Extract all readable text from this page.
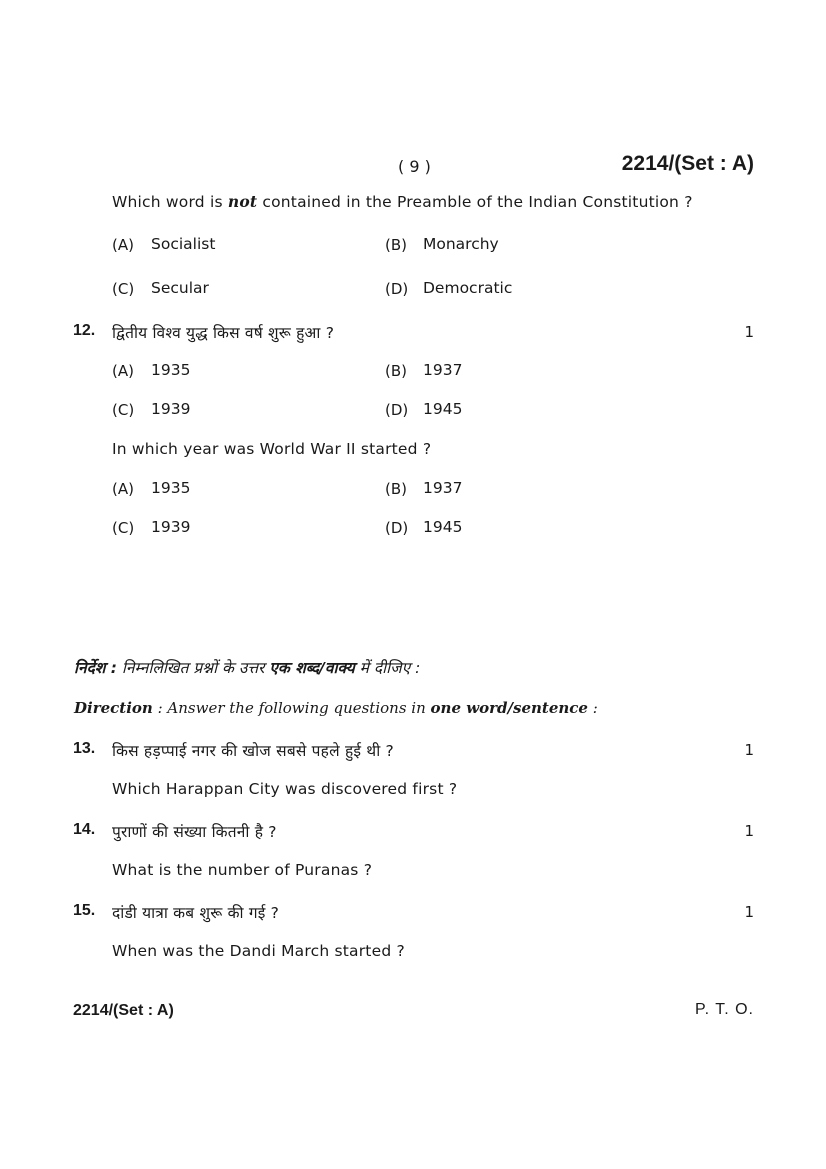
( 9 )	2214/(Set : A)
Which word is not contained in the Preamble of the Indian Constitution ?
(A) Socialist	(B) Monarchy
(C) Secular	(D) Democratic
12. द्वितीय विश्व युद्ध किस वर्ष शुरू हुआ ?	1
(A) 1935	(B) 1937
(C) 1939	(D) 1945
In which year was World War II started ?
(A) 1935	(B) 1937
(C) 1939	(D) 1945
निर्देश : निम्नलिखित प्रश्नों के उत्तर एक शब्द/वाक्य में दीजिए :
Direction : Answer the following questions in one word/sentence :
13. किस हड़प्पाई नगर की खोज सबसे पहले हुई थी ?	1
Which Harappan City was discovered first ?
14. पुराणों की संख्या कितनी है ?	1
What is the number of Puranas ?
15. दांडी यात्रा कब शुरू की गई ?	1
When was the Dandi March started ?
2214/(Set : A)	P. T. O.
